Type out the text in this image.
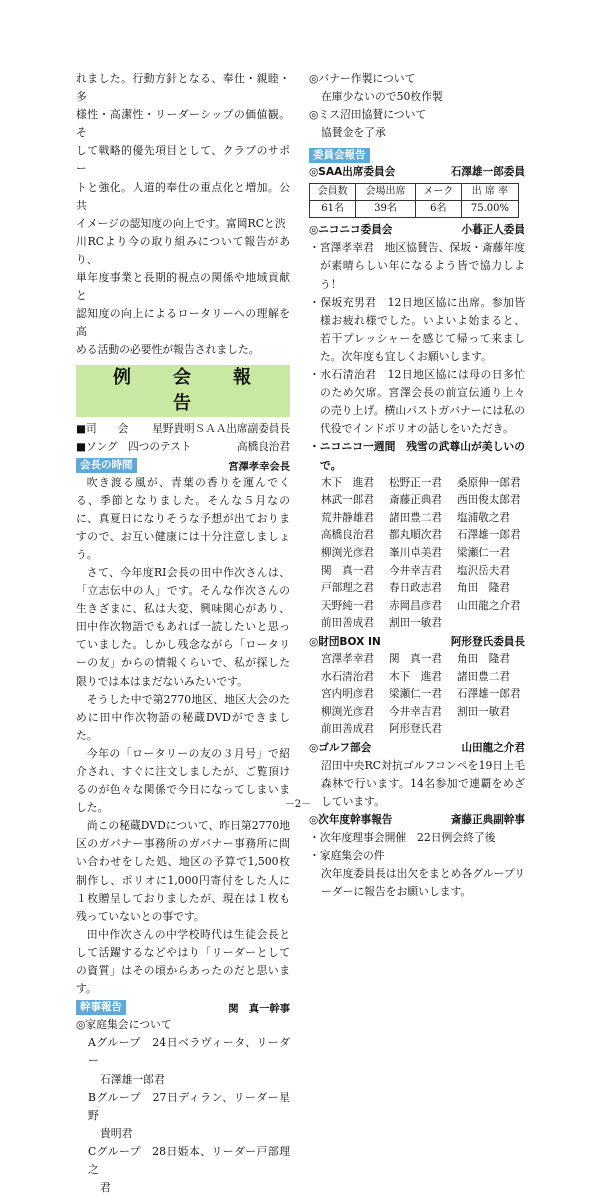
れました。行動方針となる、奉仕・親睦・多

様性・高潔性・リーダーシップの価値観。そ

して戦略的優先項目として、クラブのサポー

トと強化。人道的奉仕の重点化と増加。公共

イメージの認知度の向上です。富岡RCと渋

川RCより今の取り組みについて報告があり、

単年度事業と長期的視点の関係や地域貢献と

認知度の向上によるロータリーへの理解を高

める活動の必要性が報告されました。

例　会　報　告
■司　　会 星野貴明ＳＡＡ出席副委員長
■ソング　四つのテスト	高橋良治君
会長の時間	宮澤孝幸会長

吹き渡る風が、青葉の香りを運んでくる、季節となりました。そんな５月なのに、真夏日になりそうな予想が出ておりますので、お互い健康には十分注意しましょう。

さて、今年度RI会長の田中作次さんは、「立志伝中の人」です。そんな作次さんの生きざまに、私は大変、興味関心があり、田中作次物語でもあれば一読したいと思っていました。しかし残念ながら「ロータリーの友」からの情報くらいで、私が探した限りでは本はまだないみたいです。

そうした中で第2770地区、地区大会のために田中作次物語の秘蔵DVDができました。

今年の「ロータリーの友の３月号」で紹介され、すぐに注文しましたが、ご覧頂けるのが色々な関係で今日になってしまいました。

尚この秘蔵DVDについて、昨日第2770地区のガバナー事務所のガバナー事務所に問い合わせをした処、地区の予算で1,500枚制作し、ポリオに1,000円寄付をした人に１枚贈呈しておりましたが、現在は１枚も残っていないとの事です。

田中作次さんの中学校時代は生徒会長として活躍するなどやはり「リーダーとしての資質」はその頃からあったのだと思います。

幹事報告	関　真一幹事

◎家庭集会について

Aグループ　24日ベラヴィータ、リーダー

石澤雄一郎君

Bグループ　27日ディラン、リーダー星野

貴明君

Cグループ　28日姫本、リーダー戸部理之

君

◎バナー作製について

在庫少ないので50枚作製

◎ミス沼田協賛について

協賛金を了承

委員会報告
◎SAA出席委員会	石澤雄一郎委員
会員数	会場出席	メーク	出 席 率
61名	39名	6名	75.00%
◎ニコニコ委員会	小暮正人委員

・宮澤孝幸君　地区協賛告、保坂・斎藤年度が素晴らしい年になるよう皆で協力しよう！

・保坂充男君　12日地区協に出席。参加皆様お疲れ様でした。いよいよ始まると、若干プレッシャーを感じて帰って来ました。次年度も宜しくお願いします。

・水石清治君　12日地区協には母の日多忙のため欠席。宮澤会長の前宣伝通り上々の売り上げ。横山パストガバナーには私の代役でインドポリオの話しをいただき。

・ニコニコ一週間　残雪の武尊山が美しいので。

木下　進君	松野正一君	桑原伸一郎君
林武一郎君	斎藤正典君	西田俊太郎君
荒井静雄君	諸田豊二君	塩浦敬之君
高橋良治君	都丸順次君	石澤雄一郎君
柳渕光彦君	峯川卓美君	梁瀬仁一君
関　真一君	今井幸吉君	塩沢岳夫君
戸部理之君	春日政志君	角田　隆君
天野純一君	赤岡昌彦君	山田龍之介君
前田善成君	割田一敏君
◎財団BOX IN	阿形登氏委員長
宮澤孝幸君	関　真一君	角田　隆君
水石清治君	木下　進君	諸田豊二君
宮内明彦君	梁瀬仁一君	石澤雄一郎君
柳渕光彦君	今井幸吉君	割田一敏君
前田善成君	阿形登氏君
◎ゴルフ部会	山田龍之介君

沼田中央RC対抗ゴルフコンペを19日上毛森林で行います。14名参加で連覇をめざしています。

◎次年度幹事報告	斎藤正典副幹事

・次年度理事会開催　22日例会終了後

・家庭集会の件

次年度委員長は出欠をまとめ各グループリーダーに報告をお願いします。

－2－
